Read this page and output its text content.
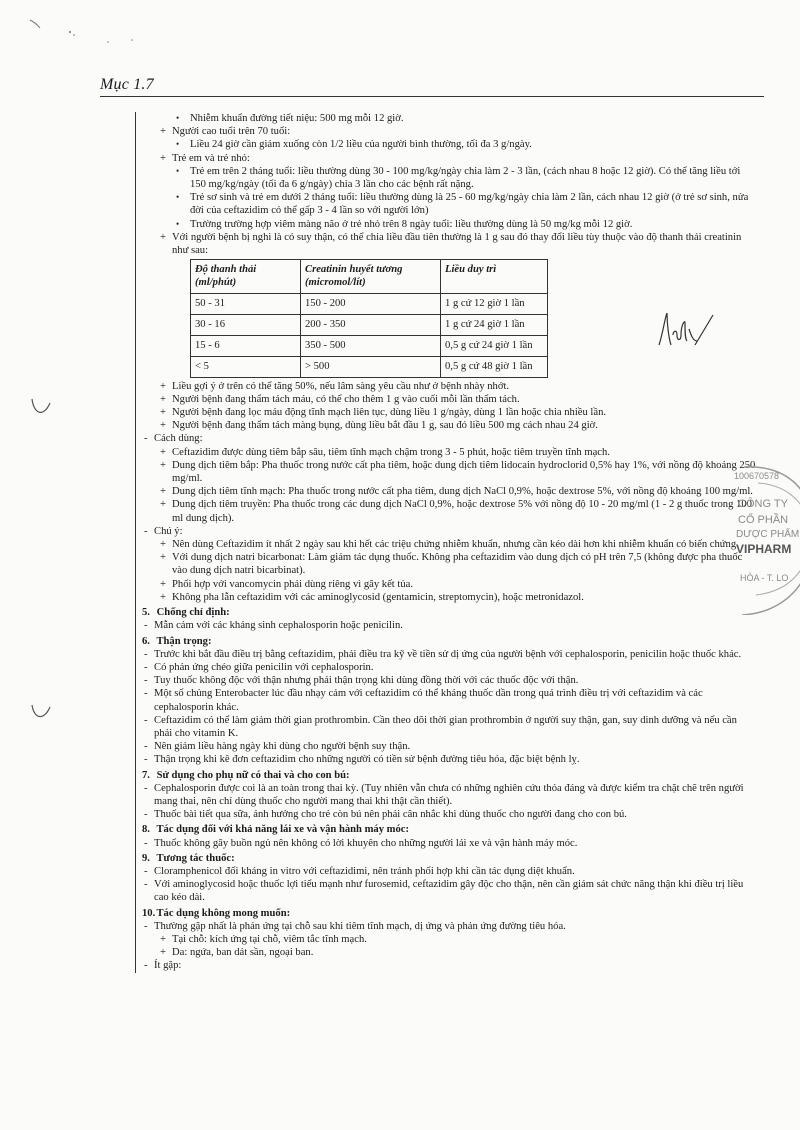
Mục 1.7
• Nhiễm khuẩn đường tiết niệu: 500 mg mỗi 12 giờ.
+ Người cao tuổi trên 70 tuổi:
• Liều 24 giờ cần giảm xuống còn 1/2 liều của người bình thường, tối đa 3 g/ngày.
+ Trẻ em và trẻ nhỏ:
• Trẻ em trên 2 tháng tuổi: liều thường dùng 30 - 100 mg/kg/ngày chia làm 2 - 3 lần, (cách nhau 8 hoặc 12 giờ). Có thể tăng liều tới 150 mg/kg/ngày (tối đa 6 g/ngày) chia 3 lần cho các bệnh rất nặng.
• Trẻ sơ sinh và trẻ em dưới 2 tháng tuổi: liều thường dùng là 25 - 60 mg/kg/ngày chia làm 2 lần, cách nhau 12 giờ (ở trẻ sơ sinh, nửa đời của ceftazidim có thể gấp 3 - 4 lần so với người lớn)
• Trường trường hợp viêm màng não ở trẻ nhỏ trên 8 ngày tuổi: liều thường dùng là 50 mg/kg mỗi 12 giờ.
+ Với người bệnh bị nghi là có suy thận, có thể chia liều đầu tiên thường là 1 g sau đó thay đổi liều tùy thuộc vào độ thanh thải creatinin như sau:
Độ thanh thải (ml/phút)	Creatinin huyết tương (micromol/lít)	Liều duy trì
50 - 31	150 - 200	1 g cứ 12 giờ 1 lần
30 - 16	200 - 350	1 g cứ 24 giờ 1 lần
15 - 6	350 - 500	0,5 g cứ 24 giờ 1 lần
< 5	> 500	0,5 g cứ 48 giờ 1 lần
+ Liều gợi ý ở trên có thể tăng 50%, nếu lâm sàng yêu cầu như ở bệnh nhày nhớt.
+ Người bệnh đang thẩm tách máu, có thể cho thêm 1 g vào cuối mỗi lần thẩm tách.
+ Người bệnh đang lọc máu động tĩnh mạch liên tục, dùng liều 1 g/ngày, dùng 1 lần hoặc chia nhiều lần.
+ Người bệnh đang thẩm tách màng bụng, dùng liều bắt đầu 1 g, sau đó liều 500 mg cách nhau 24 giờ.
- Cách dùng:
+ Ceftazidim được dùng tiêm bắp sâu, tiêm tĩnh mạch chậm trong 3 - 5 phút, hoặc tiêm truyền tĩnh mạch.
+ Dung dịch tiêm bắp: Pha thuốc trong nước cất pha tiêm, hoặc dung dịch tiêm lidocain hydroclorid 0,5% hay 1%, với nồng độ khoảng 250 mg/ml.
+ Dung dịch tiêm tĩnh mạch: Pha thuốc trong nước cất pha tiêm, dung dịch NaCl 0,9%, hoặc dextrose 5%, với nồng độ khoảng 100 mg/ml.
+ Dung dịch tiêm truyền: Pha thuốc trong các dung dịch NaCl 0,9%, hoặc dextrose 5% với nồng độ 10 - 20 mg/ml (1 - 2 g thuốc trong 100 ml dung dịch).
- Chú ý:
+ Nên dùng Ceftazidim ít nhất 2 ngày sau khi hết các triệu chứng nhiễm khuẩn, nhưng cần kéo dài hơn khi nhiễm khuẩn có biến chứng.
+ Với dung dịch natri bicarbonat: Làm giảm tác dụng thuốc. Không pha ceftazidim vào dung dịch có pH trên 7,5 (không được pha thuốc vào dung dịch natri bicarbinat).
+ Phối hợp với vancomycin phải dùng riêng vì gây kết tủa.
+ Không pha lẫn ceftazidim với các aminoglycosid (gentamicin, streptomycin), hoặc metronidazol.
5. Chống chỉ định:
- Mẫn cảm với các kháng sinh cephalosporin hoặc penicilin.
6. Thận trọng:
- Trước khi bắt đầu điều trị bằng ceftazidim, phải điều tra kỹ về tiền sử dị ứng của người bệnh với cephalosporin, penicilin hoặc thuốc khác.
- Có phản ứng chéo giữa penicilin với cephalosporin.
- Tuy thuốc không độc với thận nhưng phải thận trọng khi dùng đồng thời với các thuốc độc với thận.
- Một số chủng Enterobacter lúc đầu nhạy cảm với ceftazidim có thể kháng thuốc dần trong quá trình điều trị với ceftazidim và các cephalosporin khác.
- Ceftazidim có thể làm giảm thời gian prothrombin. Cần theo dõi thời gian prothrombin ở người suy thận, gan, suy dinh dưỡng và nếu cần phải cho vitamin K.
- Nên giảm liều hàng ngày khi dùng cho người bệnh suy thận.
- Thận trọng khi kê đơn ceftazidim cho những người có tiền sử bệnh đường tiêu hóa, đặc biệt bệnh lỵ.
7. Sử dụng cho phụ nữ có thai và cho con bú:
- Cephalosporin được coi là an toàn trong thai kỳ. (Tuy nhiên vẫn chưa có những nghiên cứu thỏa đáng và được kiểm tra chặt chẽ trên người mang thai, nên chỉ dùng thuốc cho người mang thai khi thật cần thiết).
- Thuốc bài tiết qua sữa, ảnh hưởng cho trẻ còn bú nên phải cân nhắc khi dùng thuốc cho người đang cho con bú.
8. Tác dụng đối với khả năng lái xe và vận hành máy móc:
- Thuốc không gây buồn ngủ nên không có lời khuyên cho những người lái xe và vận hành máy móc.
9. Tương tác thuốc:
- Cloramphenicol đối kháng in vitro với ceftazidimi, nên tránh phối hợp khi cần tác dụng diệt khuẩn.
- Với aminoglycosid hoặc thuốc lợi tiểu mạnh như furosemid, ceftazidim gây độc cho thận, nên cần giám sát chức năng thận khi điều trị liều cao kéo dài.
10. Tác dụng không mong muốn:
- Thường gặp nhất là phản ứng tại chỗ sau khi tiêm tĩnh mạch, dị ứng và phản ứng đường tiêu hóa.
+ Tại chỗ: kích ứng tại chỗ, viêm tắc tĩnh mạch.
+ Da: ngứa, ban dát sần, ngoại ban.
- Ít gặp:
100670578
CÔNG TY
CỔ PHẦN
DƯỢC PHẨM
VIPHARM
HÒA - T. LO
